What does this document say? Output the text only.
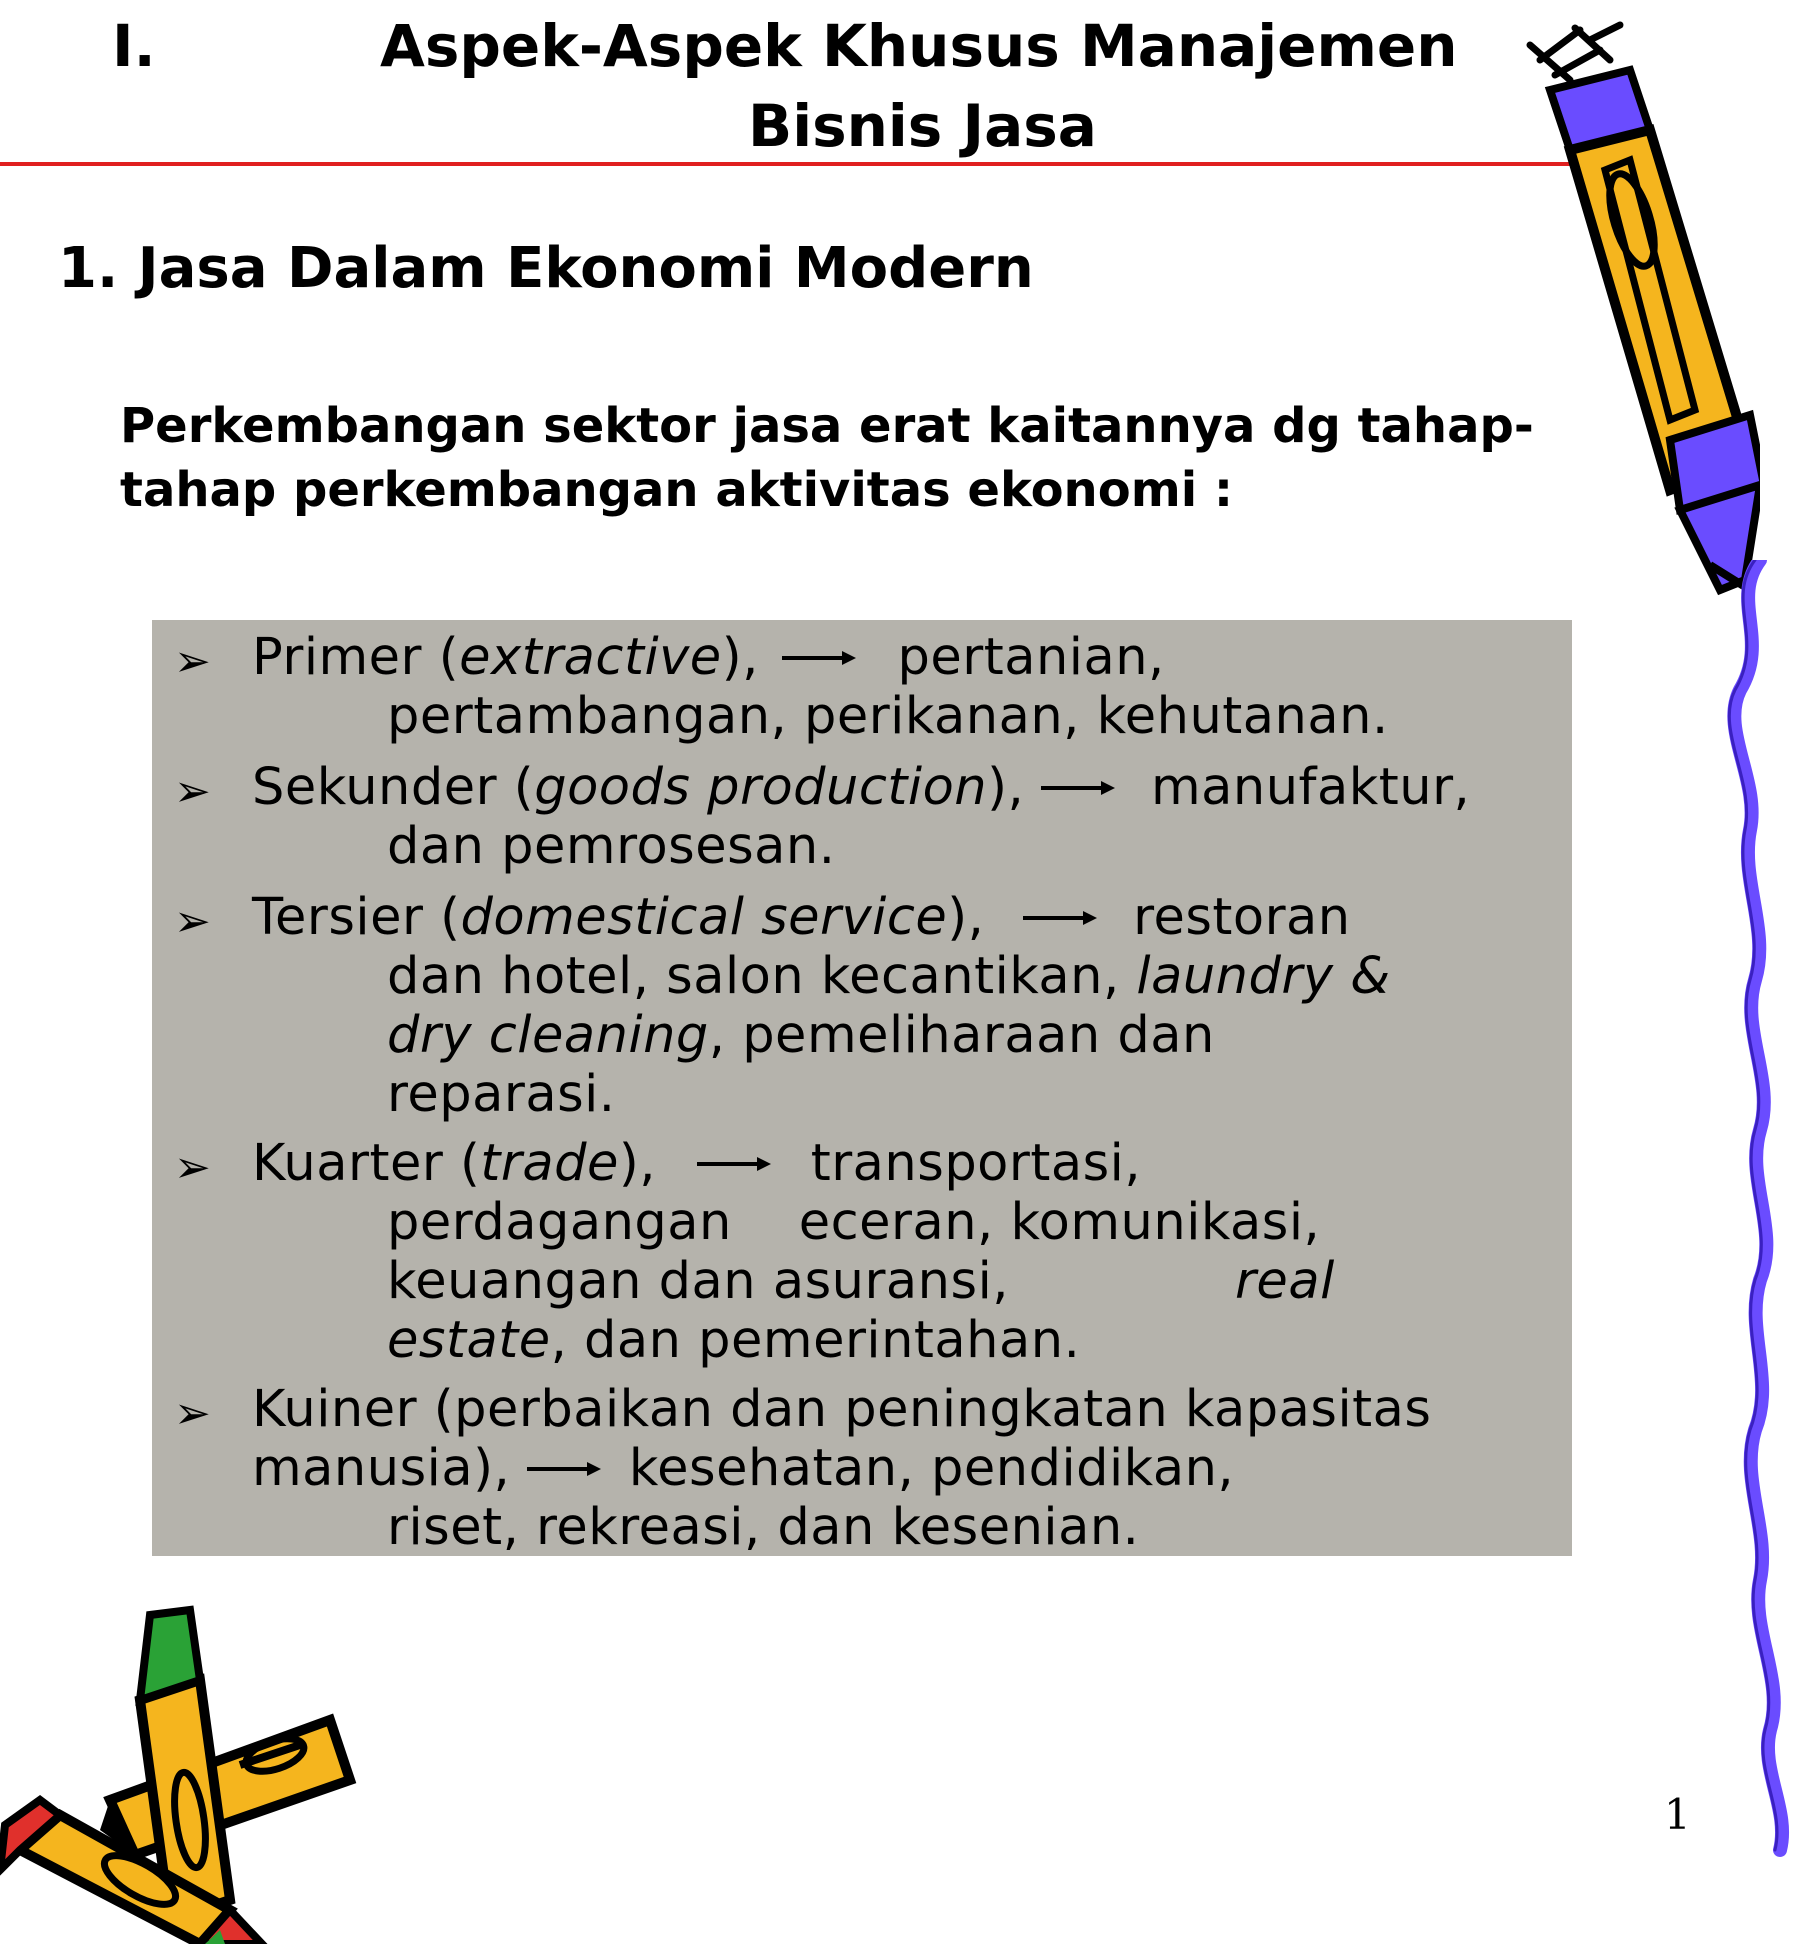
I.	Aspek-Aspek Khusus Manajemen
Bisnis Jasa
1. Jasa Dalam Ekonomi Modern
Perkembangan sektor jasa erat kaitannya dg tahap-
tahap perkembangan aktivitas ekonomi :
➢ Primer (extractive),	pertanian,
pertambangan, perikanan, kehutanan.
➢ Sekunder (goods production), manufaktur,
dan pemrosesan.
➢ Tersier (domestical service),	restoran
dan hotel, salon kecantikan, laundry &
dry cleaning, pemeliharaan dan
reparasi.
➢ Kuarter (trade),	transportasi,
perdagangan    eceran, komunikasi,
keuangan dan asuransi,	real
estate, dan pemerintahan.
➢ Kuiner (perbaikan dan peningkatan kapasitas
manusia), kesehatan, pendidikan,
riset, rekreasi, dan kesenian.
1
